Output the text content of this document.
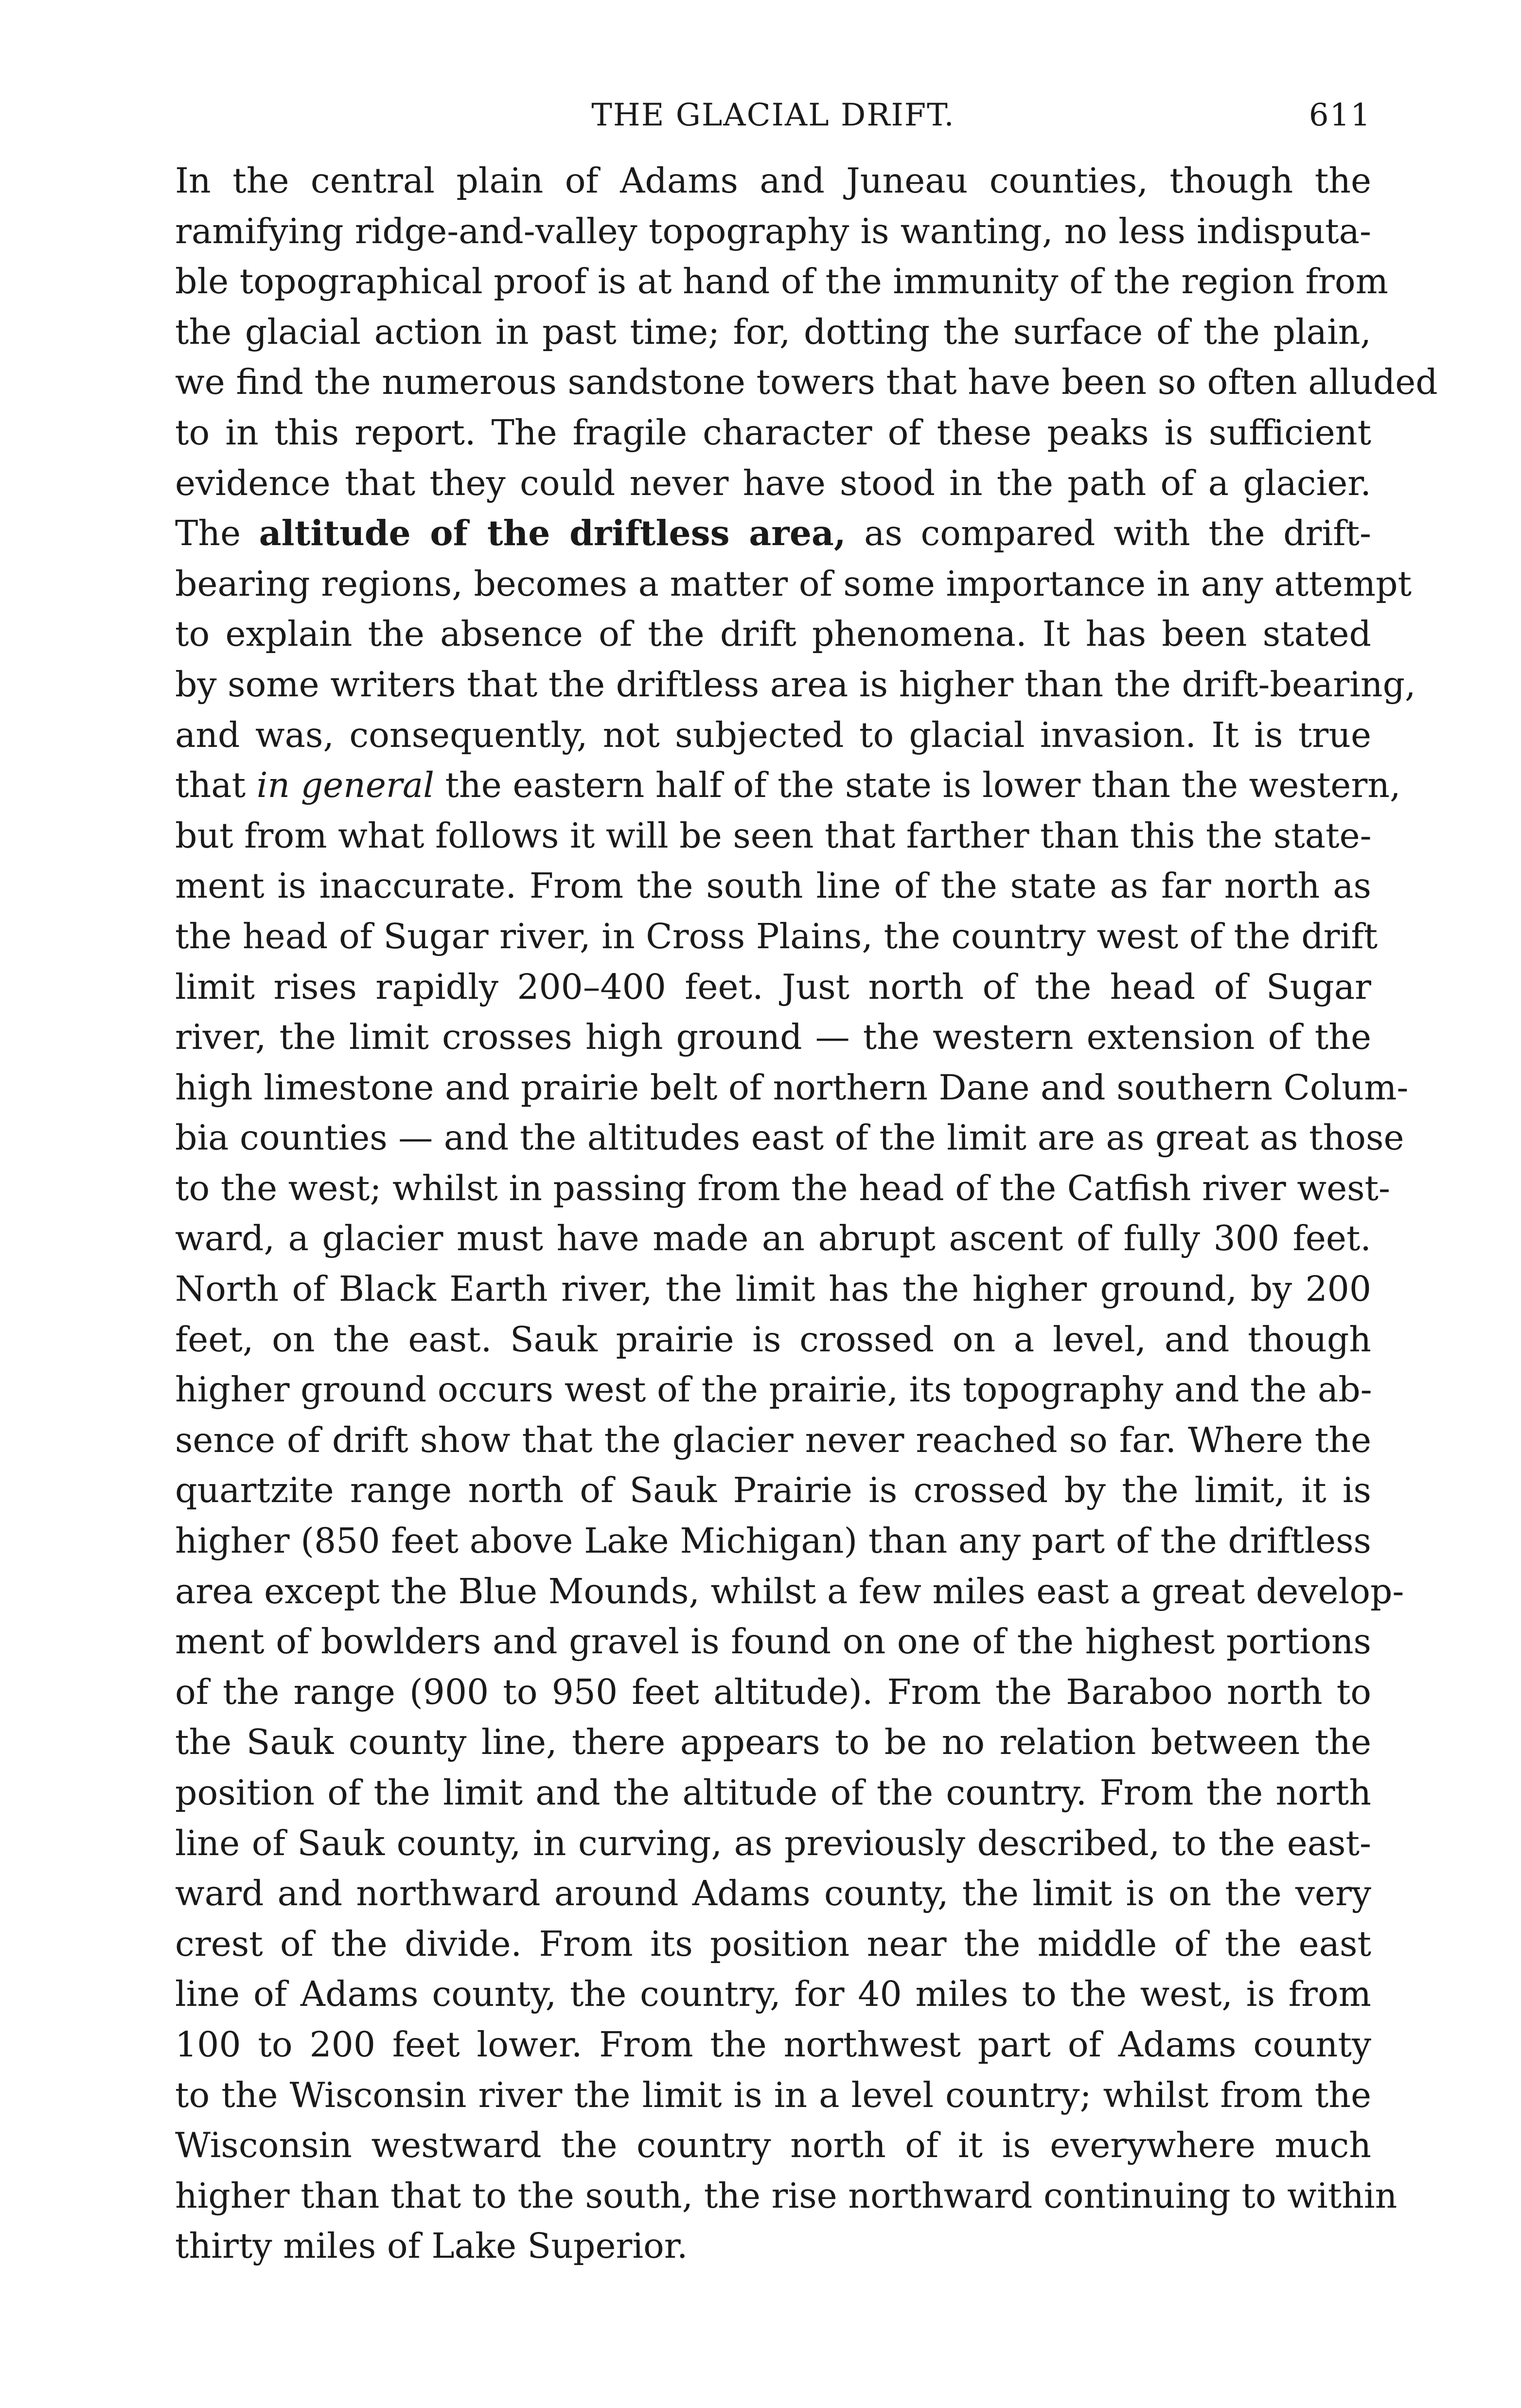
THE GLACIAL DRIFT.	611
In the central plain of Adams and Juneau counties, though the
ramifying ridge-and-valley topography is wanting, no less indisputa-
ble topographical proof is at hand of the immunity of the region from
the glacial action in past time; for, dotting the surface of the plain,
we find the numerous sandstone towers that have been so often alluded
to in this report. The fragile character of these peaks is sufficient
evidence that they could never have stood in the path of a glacier.
The altitude of the driftless area, as compared with the drift-
bearing regions, becomes a matter of some importance in any attempt
to explain the absence of the drift phenomena. It has been stated
by some writers that the driftless area is higher than the drift-bearing,
and was, consequently, not subjected to glacial invasion. It is true
that in general the eastern half of the state is lower than the western,
but from what follows it will be seen that farther than this the state-
ment is inaccurate. From the south line of the state as far north as
the head of Sugar river, in Cross Plains, the country west of the drift
limit rises rapidly 200–400 feet. Just north of the head of Sugar
river, the limit crosses high ground — the western extension of the
high limestone and prairie belt of northern Dane and southern Colum-
bia counties — and the altitudes east of the limit are as great as those
to the west; whilst in passing from the head of the Catfish river west-
ward, a glacier must have made an abrupt ascent of fully 300 feet.
North of Black Earth river, the limit has the higher ground, by 200
feet, on the east. Sauk prairie is crossed on a level, and though
higher ground occurs west of the prairie, its topography and the ab-
sence of drift show that the glacier never reached so far. Where the
quartzite range north of Sauk Prairie is crossed by the limit, it is
higher (850 feet above Lake Michigan) than any part of the driftless
area except the Blue Mounds, whilst a few miles east a great develop-
ment of bowlders and gravel is found on one of the highest portions
of the range (900 to 950 feet altitude). From the Baraboo north to
the Sauk county line, there appears to be no relation between the
position of the limit and the altitude of the country. From the north
line of Sauk county, in curving, as previously described, to the east-
ward and northward around Adams county, the limit is on the very
crest of the divide. From its position near the middle of the east
line of Adams county, the country, for 40 miles to the west, is from
100 to 200 feet lower. From the northwest part of Adams county
to the Wisconsin river the limit is in a level country; whilst from the
Wisconsin westward the country north of it is everywhere much
higher than that to the south, the rise northward continuing to within
thirty miles of Lake Superior.
